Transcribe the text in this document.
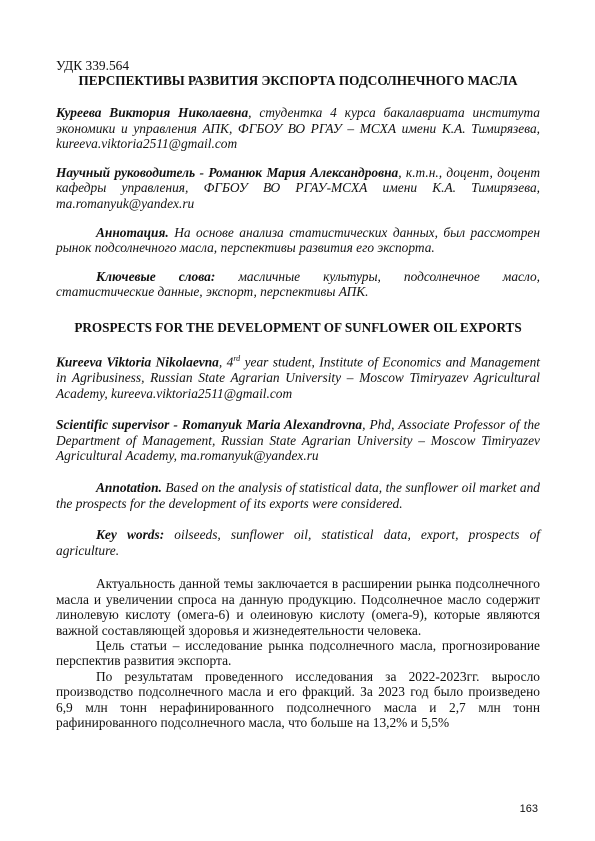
УДК 339.564
ПЕРСПЕКТИВЫ РАЗВИТИЯ ЭКСПОРТА ПОДСОЛНЕЧНОГО МАСЛА
Куреева Виктория Николаевна, студентка 4 курса бакалавриата института экономики и управления АПК, ФГБОУ ВО РГАУ – МСХА имени К.А. Тимирязева, kureeva.viktoria2511@gmail.com
Научный руководитель - Романюк Мария Александровна, к.т.н., доцент, доцент кафедры управления, ФГБОУ ВО РГАУ-МСХА имени К.А. Тимирязева, ma.romanyuk@yandex.ru
Аннотация. На основе анализа статистических данных, был рассмотрен рынок подсолнечного масла, перспективы развития его экспорта.
Ключевые слова: масличные культуры, подсолнечное масло, статистические данные, экспорт, перспективы АПК.
PROSPECTS FOR THE DEVELOPMENT OF SUNFLOWER OIL EXPORTS
Kureeva Viktoria Nikolaevna, 4rd year student, Institute of Economics and Management in Agribusiness, Russian State Agrarian University – Moscow Timiryazev Agricultural Academy, kureeva.viktoria2511@gmail.com
Scientific supervisor - Romanyuk Maria Alexandrovna, Phd, Associate Professor of the Department of Management, Russian State Agrarian University – Moscow Timiryazev Agricultural Academy, ma.romanyuk@yandex.ru
Annotation. Based on the analysis of statistical data, the sunflower oil market and the prospects for the development of its exports were considered.
Key words: oilseeds, sunflower oil, statistical data, export, prospects of agriculture.
Актуальность данной темы заключается в расширении рынка подсолнечного масла и увеличении спроса на данную продукцию. Подсолнечное масло содержит линолевую кислоту (омега-6) и олеиновую кислоту (омега-9), которые являются важной составляющей здоровья и жизнедеятельности человека.
Цель статьи – исследование рынка подсолнечного масла, прогнозирование перспектив развития экспорта.
По результатам проведенного исследования за 2022-2023гг. выросло производство подсолнечного масла и его фракций. За 2023 год было произведено 6,9 млн тонн нерафинированного подсолнечного масла и 2,7 млн тонн рафинированного подсолнечного масла, что больше на 13,2% и 5,5%
163
